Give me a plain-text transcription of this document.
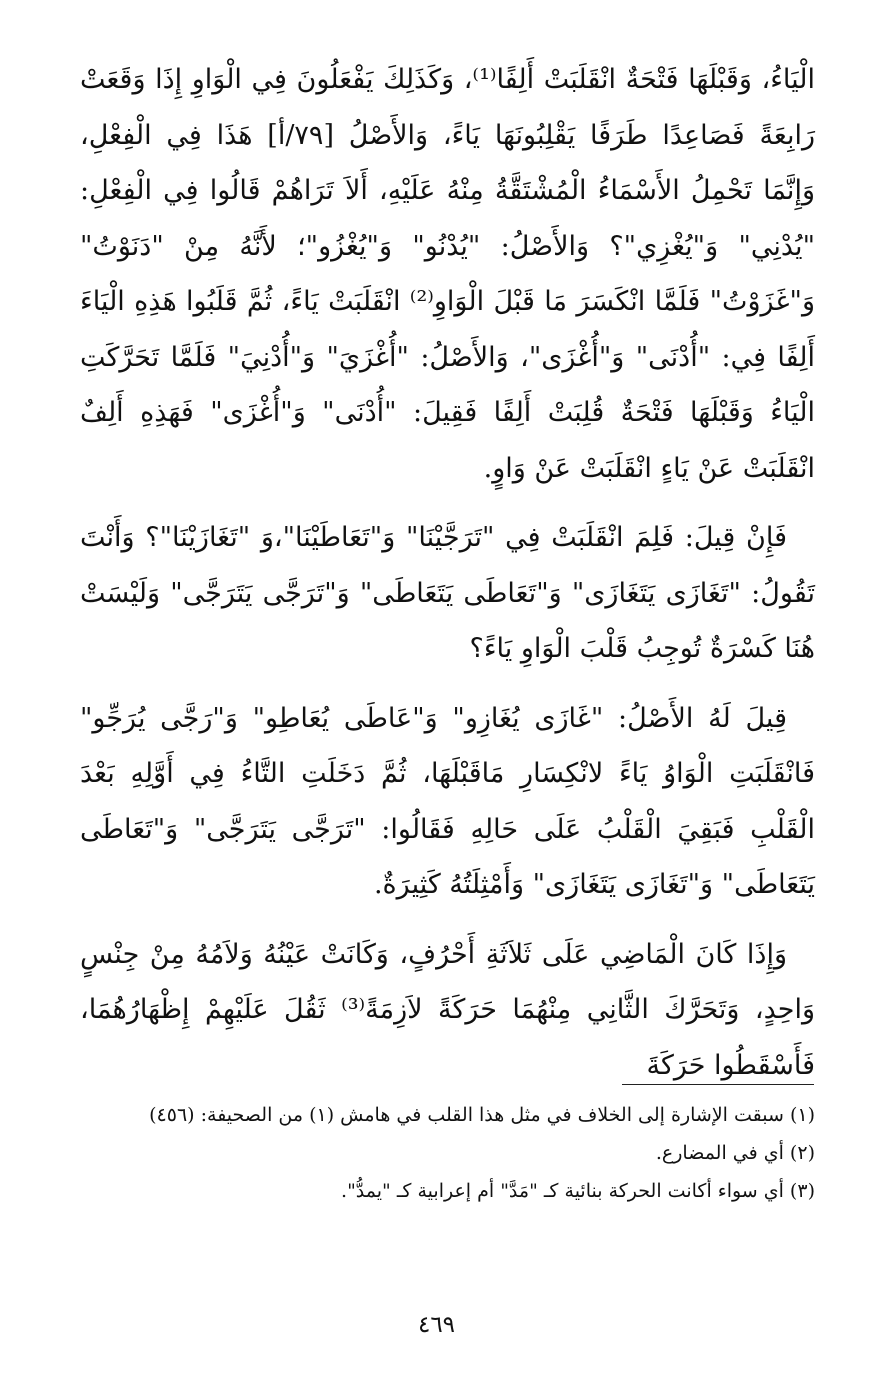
الْيَاءُ، وَقَبْلَهَا فَتْحَةٌ انْقَلَبَتْ أَلِفًا⁽¹⁾، وَكَذَلِكَ يَفْعَلُونَ فِي الْوَاوِ إِذَا وَقَعَتْ رَابِعَةً فَصَاعِدًا طَرَفًا يَقْلِبُونَهَا يَاءً، وَالأَصْلُ [٧٩/أ] هَذَا فِي الْفِعْلِ، وَإِنَّمَا تَحْمِلُ الأَسْمَاءُ الْمُشْتَقَّةُ مِنْهُ عَلَيْهِ، أَلاَ تَرَاهُمْ قَالُوا فِي الْفِعْلِ: "يُدْنِي" وَ"يُغْزِي"؟ وَالأَصْلُ: "يُدْنُو" وَ"يُغْزُو"؛ لأَنَّهُ مِنْ "دَنَوْتُ" وَ"غَزَوْتُ" فَلَمَّا انْكَسَرَ مَا قَبْلَ الْوَاوِ⁽²⁾ انْقَلَبَتْ يَاءً، ثُمَّ قَلَبُوا هَذِهِ الْيَاءَ أَلِفًا فِي: "أُدْنَى" وَ"أُغْزَى"، وَالأَصْلُ: "أُغْزَيَ" وَ"أُدْنِيَ" فَلَمَّا تَحَرَّكَتِ الْيَاءُ وَقَبْلَهَا فَتْحَةٌ قُلِبَتْ أَلِفًا فَقِيلَ: "أُدْنَى" وَ"أُغْزَى" فَهَذِهِ أَلِفٌ انْقَلَبَتْ عَنْ يَاءٍ انْقَلَبَتْ عَنْ وَاوٍ.

فَإِنْ قِيلَ: فَلِمَ انْقَلَبَتْ فِي "تَرَجَّيْنَا" وَ"تَعَاطَيْنَا"،وَ "تَغَازَيْنَا"؟ وَأَنْتَ تَقُولُ: "تَغَازَى يَتَغَازَى" وَ"تَعَاطَى يَتَعَاطَى" وَ"تَرَجَّى يَتَرَجَّى" وَلَيْسَتْ هُنَا كَسْرَةٌ تُوجِبُ قَلْبَ الْوَاوِ يَاءً؟

قِيلَ لَهُ الأَصْلُ: "غَازَى يُغَازِو" وَ"عَاطَى يُعَاطِو" وَ"رَجَّى يُرَجِّو" فَانْقَلَبَتِ الْوَاوُ يَاءً لانْكِسَارِ مَاقَبْلَهَا، ثُمَّ دَخَلَتِ التَّاءُ فِي أَوَّلِهِ بَعْدَ الْقَلْبِ فَبَقِيَ الْقَلْبُ عَلَى حَالِهِ فَقَالُوا: "تَرَجَّى يَتَرَجَّى" وَ"تَعَاطَى يَتَعَاطَى" وَ"تَغَازَى يَتَغَازَى" وَأَمْثِلَتُهُ كَثِيرَةٌ.

وَإِذَا كَانَ الْمَاضِي عَلَى ثَلاَثَةِ أَحْرُفٍ، وَكَانَتْ عَيْنُهُ وَلاَمُهُ مِنْ جِنْسٍ وَاحِدٍ، وَتَحَرَّكَ الثَّانِي مِنْهُمَا حَرَكَةً لاَزِمَةً⁽³⁾ ثَقُلَ عَلَيْهِمْ إِظْهَارُهُمَا، فَأَسْقَطُوا حَرَكَةَ

(١) سبقت الإشارة إلى الخلاف في مثل هذا القلب في هامش (١) من الصحيفة: (٤٥٦)

(٢) أي في المضارع.

(٣) أي سواء أكانت الحركة بنائية كـ "مَدَّ" أم إعرابية كـ "يمدُّ".

٤٦٩
